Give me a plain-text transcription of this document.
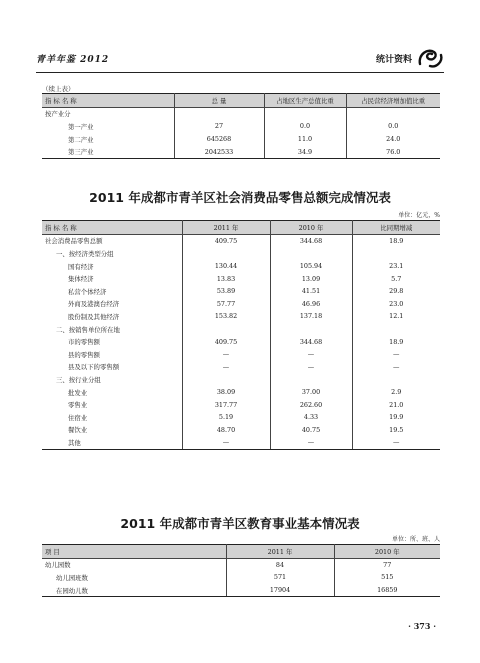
青羊年鉴 2012	统计资料
（续上表）
指 标 名 称	总 量	占地区生产总值比重	占民营经济增加值比重
按产业分			
第一产业	27	0.0	0.0
第二产业	645268	11.0	24.0
第三产业	2042533	34.9	76.0
2011 年成都市青羊区社会消费品零售总额完成情况表
单位：亿元，%
指 标 名 称	2011 年	2010 年	比同期增减
社会消费品零售总额	409.75	344.68	18.9
一、按经济类型分组			
国有经济	130.44	105.94	23.1
集体经济	13.83	13.09	5.7
私营个体经济	53.89	41.51	29.8
外商及港澳台经济	57.77	46.96	23.0
股份制及其他经济	153.82	137.18	12.1
二、按销售单位所在地			
市的零售额	409.75	344.68	18.9
县的零售额	—	—	—
县及以下的零售额	—	—	—
三、按行业分组			
批发业	38.09	37.00	2.9
零售业	317.77	262.60	21.0
住宿业	5.19	4.33	19.9
餐饮业	48.70	40.75	19.5
其他	—	—	—
2011 年成都市青羊区教育事业基本情况表
单位：所、班、人
项 目	2011 年	2010 年
幼儿园数	84	77
幼儿园班数	571	515
在园幼儿数	17904	16859
· 373 ·
